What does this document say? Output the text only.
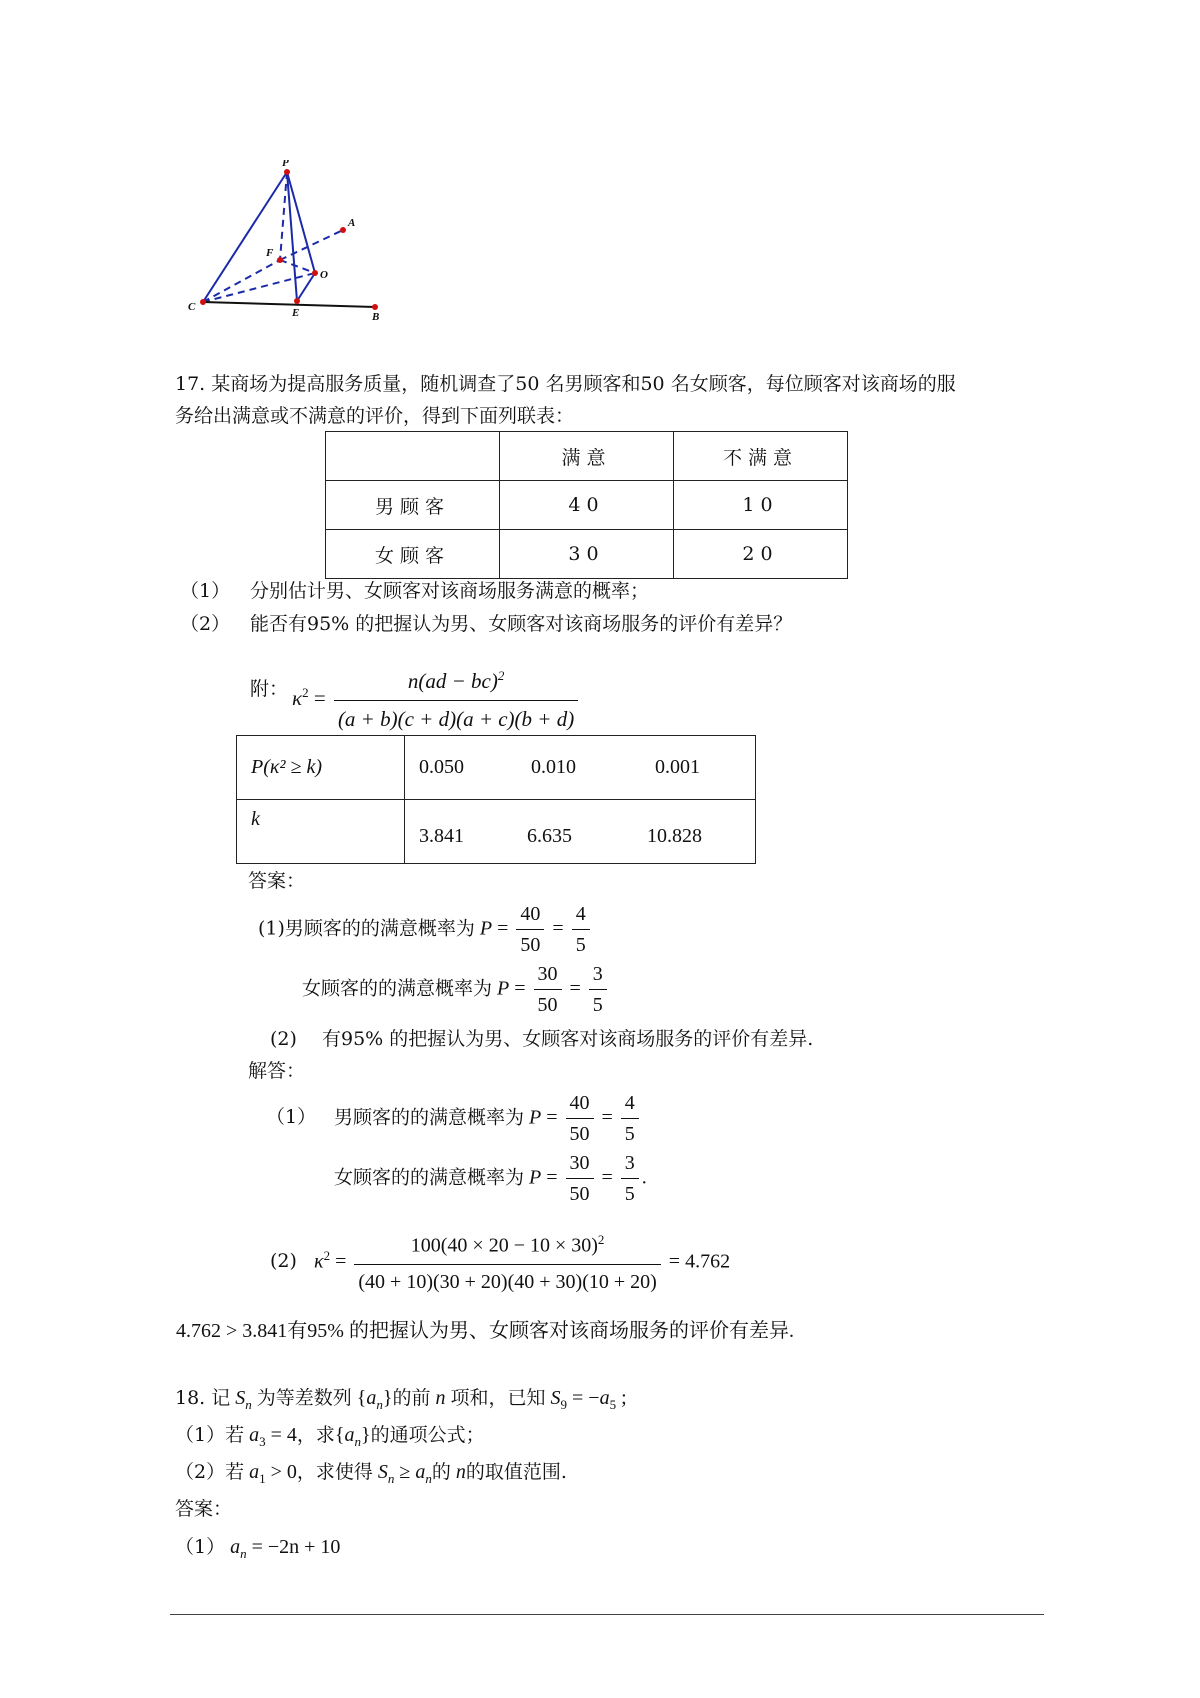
P
A
F
O
C	E	B
17. 某商场为提高服务质量，随机调查了50 名男顾客和50 名女顾客，每位顾客对该商场的服
务给出满意或不满意的评价，得到下面列联表：
	满意	不满意
男顾客	40	10
女顾客	30	20
（1） 分别估计男、女顾客对该商场服务满意的概率；
（2） 能否有95% 的把握认为男、女顾客对该商场服务的评价有差异？
附： $\kappa^2 = \frac{n(ad - bc)^2}{(a + b)(c + d)(a + c)(b + d)}$
P(κ² ≥ k)	0.050 0.010 0.001
k	3.841 6.635 10.828
答案：
(1)男顾客的的满意概率为 $P = \frac{40}{50} = \frac{4}{5}$
女顾客的的满意概率为 $P = \frac{30}{50} = \frac{3}{5}$
(2) 有95% 的把握认为男、女顾客对该商场服务的评价有差异.
解答：
（1） 男顾客的的满意概率为 $P = \frac{40}{50} = \frac{4}{5}$
女顾客的的满意概率为 $P = \frac{30}{50} = \frac{3}{5}$ .
(2) $\kappa^2 = \frac{100(40 \times 20 - 10 \times 30)^2}{(40 + 10)(30 + 20)(40 + 30)(10 + 20)} = 4.762$
4.762 > 3.841有95% 的把握认为男、女顾客对该商场服务的评价有差异.
18. 记 $S_n$ 为等差数列 $\{a_n\}$的前 n 项和，已知 $S_9 = -a_5$ ;
（1）若 $a_3 = 4$，求$\{a_n\}$的通项公式；
（2）若 $a_1 > 0$，求使得 $S_n \ge a_n$的 n的取值范围.
答案：
（1） $a_n = -2n + 10$
